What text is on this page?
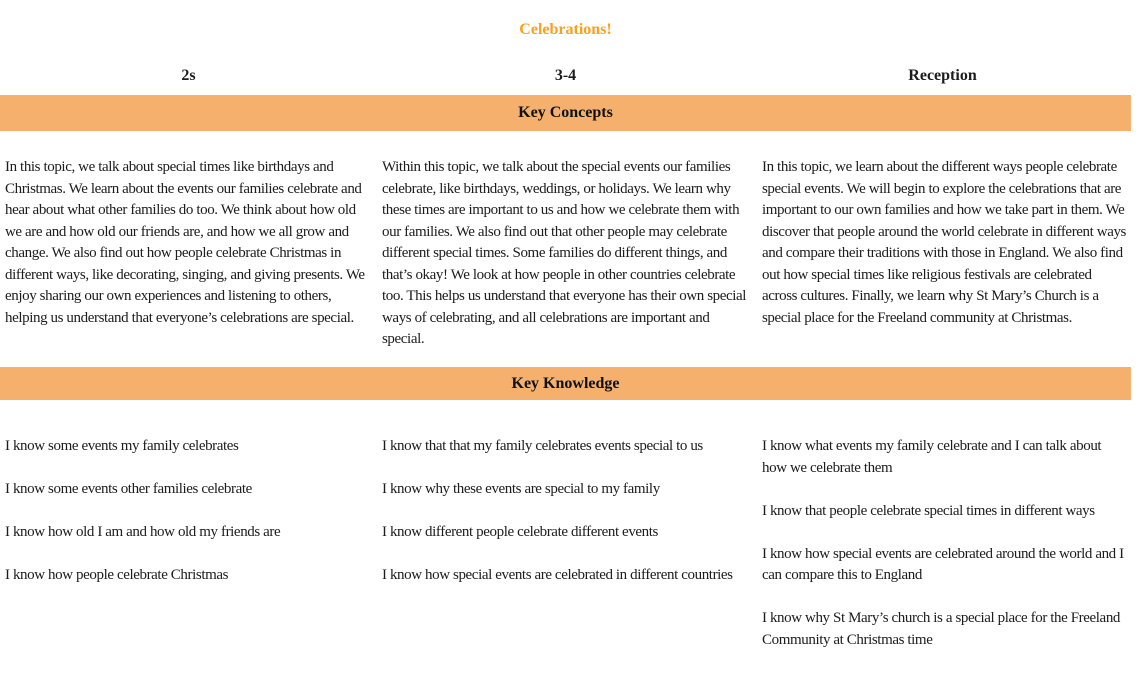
Celebrations!
2s	3-4	Reception
Key Concepts

In this topic, we talk about special times like birthdays and Christmas. We learn about the events our families celebrate and hear about what other families do too. We think about how old we are and how old our friends are, and how we all grow and change. We also find out how people celebrate Christmas in different ways, like decorating, singing, and giving presents. We enjoy sharing our own experiences and listening to others, helping us understand that everyone’s celebrations are special.

Within this topic, we talk about the special events our families celebrate, like birthdays, weddings, or holidays. We learn why these times are important to us and how we celebrate them with our families. We also find out that other people may celebrate different special times. Some families do different things, and that’s okay! We look at how people in other countries celebrate too. This helps us understand that everyone has their own special ways of celebrating, and all celebrations are important and special.

In this topic, we learn about the different ways people celebrate special events. We will begin to explore the celebrations that are important to our own families and how we take part in them. We discover that people around the world celebrate in different ways and compare their traditions with those in England. We also find out how special times like religious festivals are celebrated across cultures. Finally, we learn why St Mary’s Church is a special place for the Freeland community at Christmas.

Key Knowledge

I know some events my family celebrates

I know some events other families celebrate

I know how old I am and how old my friends are

I know how people celebrate Christmas

I know that that my family celebrates events special to us

I know why these events are special to my family

I know different people celebrate different events

I know how special events are celebrated in different countries

I know what events my family celebrate and I can talk about how we celebrate them

I know that people celebrate special times in different ways

I know how special events are celebrated around the world and I can compare this to England

I know why St Mary’s church is a special place for the Freeland Community at Christmas time
